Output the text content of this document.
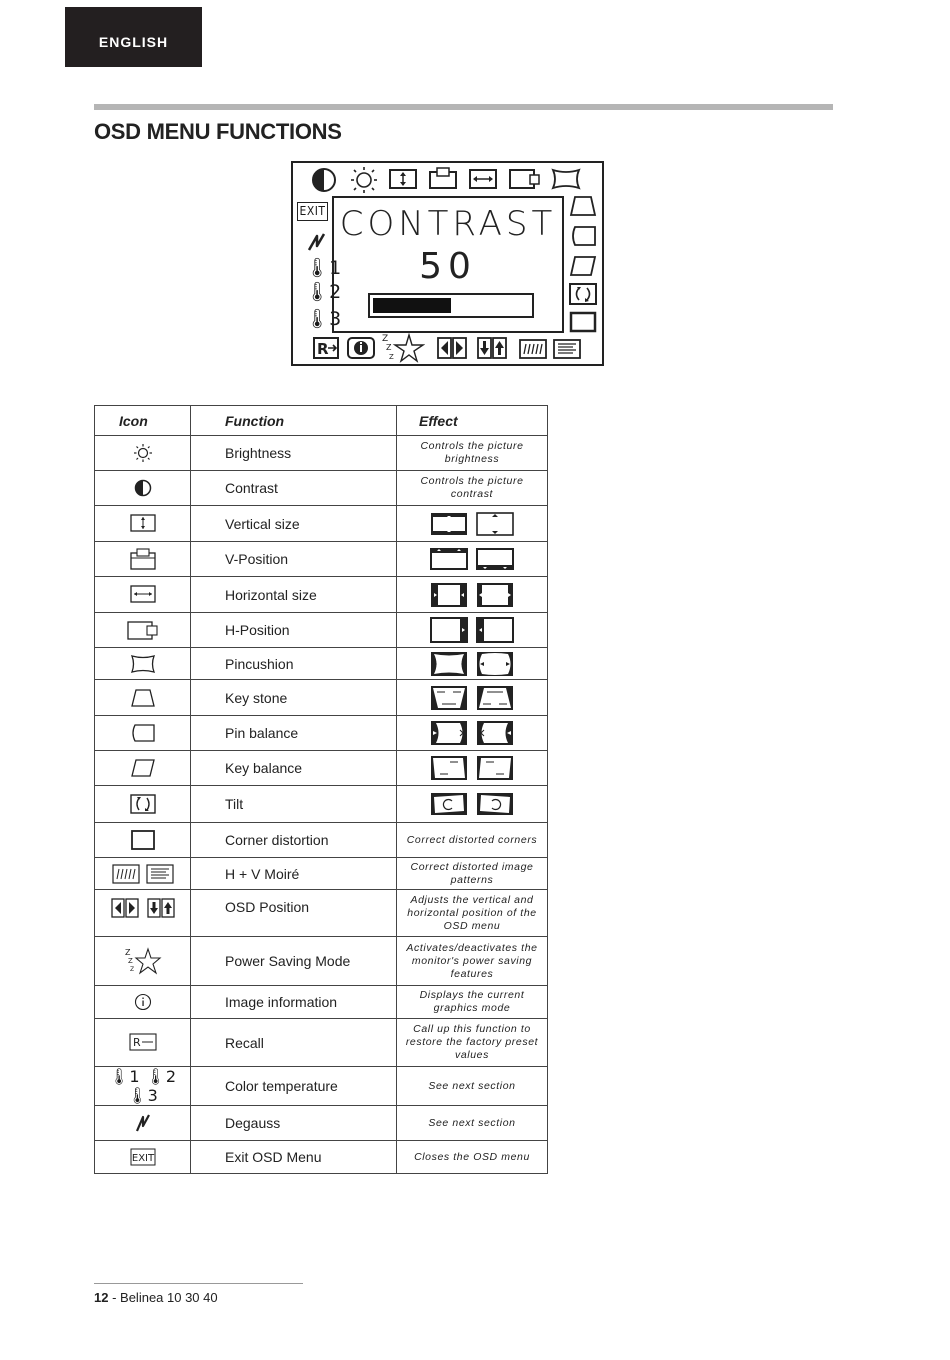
ENGLISH
OSD MENU FUNCTIONS
EXIT
🌡︎1
🌡︎2
🌡︎3
CONTRAST
50
R
Z
Z
Z
Icon	Function	Effect
	Brightness	Controls the picture brightness
	Contrast	Controls the picture contrast
	Vertical size	
	V-Position	
	Horizontal size	
	H-Position	
	Pincushion	
	Key stone	
	Pin balance	
	Key balance	
	Tilt	
	Corner distortion	Correct distorted corners
	H + V Moiré	Correct distorted image patterns
	OSD Position	Adjusts the vertical and horizontal position of the OSD menu

Z
Z
Z	Power Saving Mode	Activates/deactivates the monitor's power saving features
	Image information	Displays the current graphics mode

R	Recall	Call up this function to restore the factory preset values
🌡︎1 🌡︎2🌡︎3	Color temperature	See next section
	Degauss	See next section

EXIT	Exit OSD Menu	Closes the OSD menu
12 - Belinea 10 30 40
